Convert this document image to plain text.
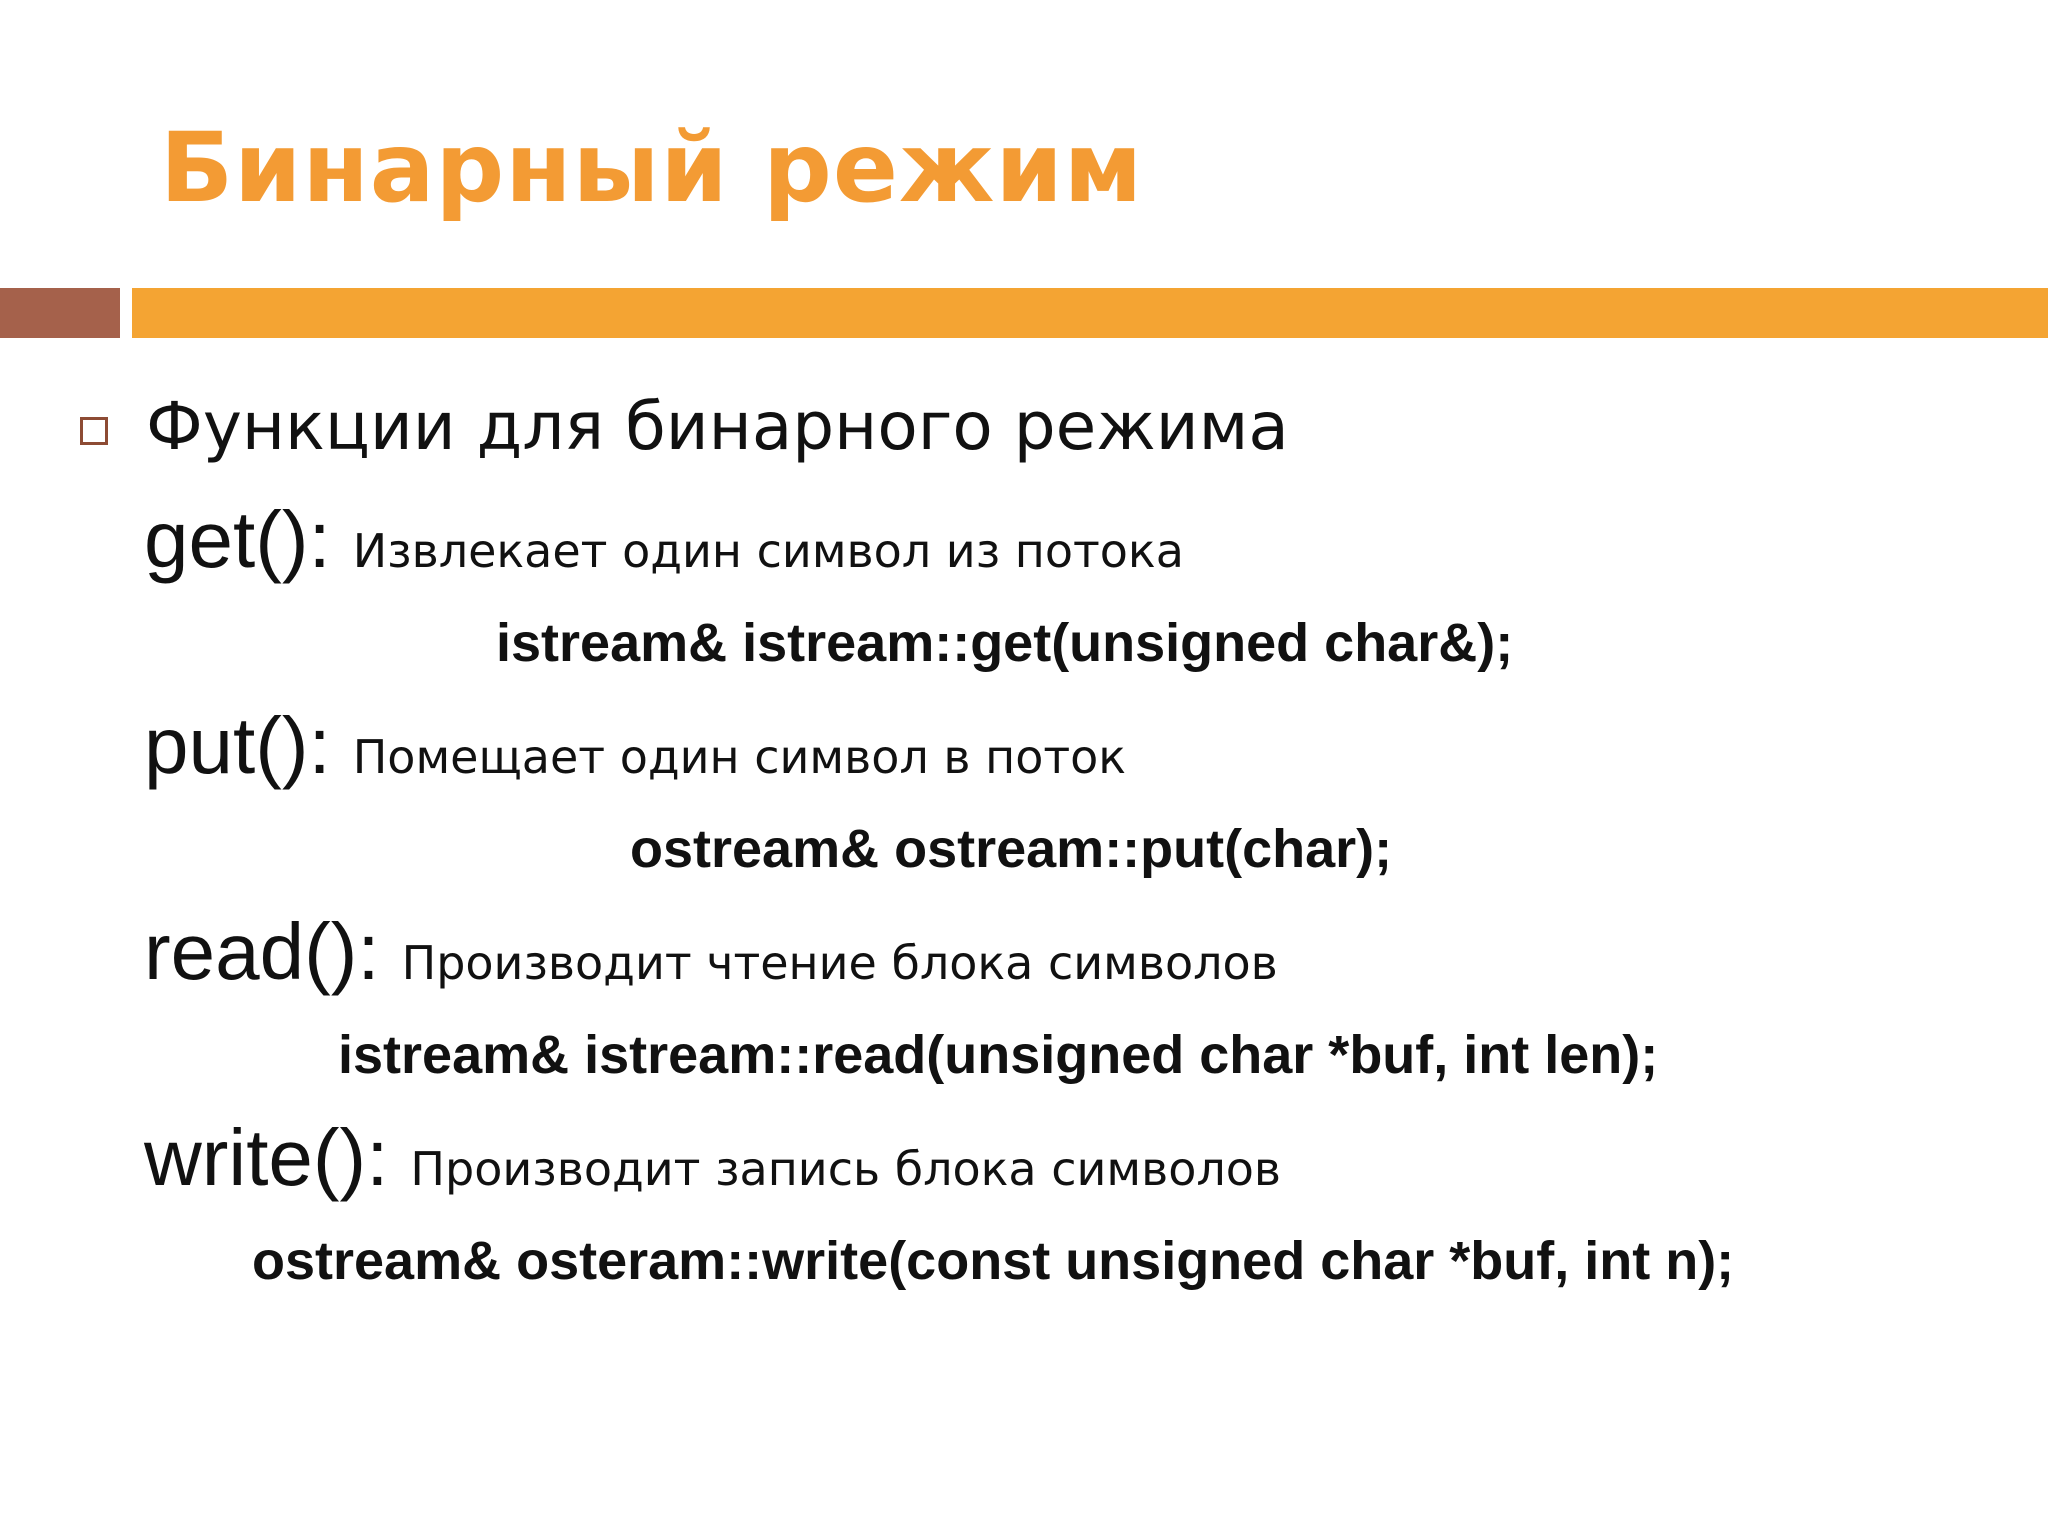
Бинарный режим
Функции для бинарного режима
get(): Извлекает один символ из потока
istream& istream::get(unsigned char&);
put(): Помещает один символ в поток
ostream& ostream::put(char);
read(): Производит чтение блока символов
istream& istream::read(unsigned char *buf, int len);
write(): Производит запись блока символов
ostream& osteram::write(const unsigned char *buf, int n);
